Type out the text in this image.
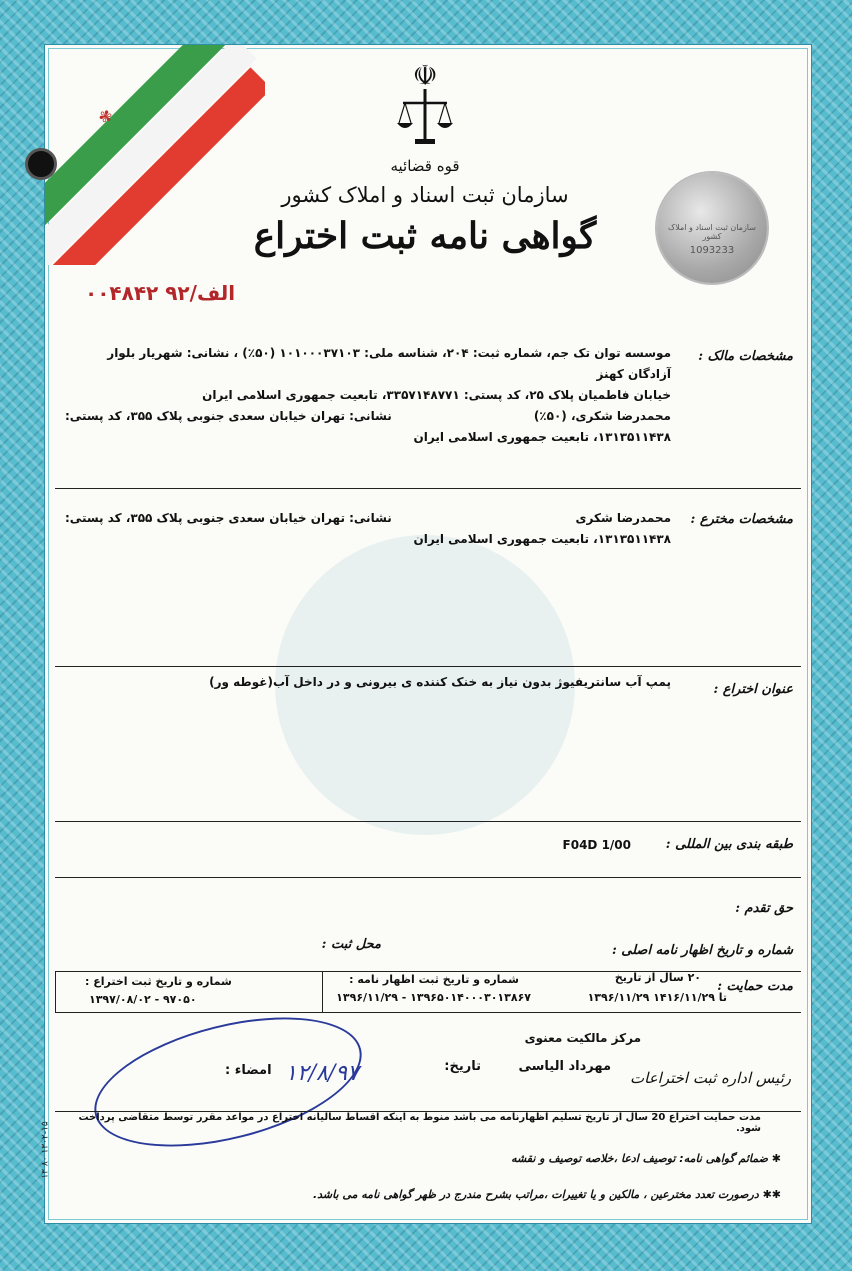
✾
☫
قوه قضائیه
سازمان ثبت اسناد و املاک کشور
گواهی نامه ثبت اختراع
۰۰۴۸۴۲ الف/۹۲
سازمان ثبت اسناد و املاک کشور
1093233
مشخصات مالک :
موسسه توان تک جم، شماره ثبت: ۲۰۴، شناسه ملی: ۱۰۱۰۰۰۳۷۱۰۳ (۵۰٪) ، نشانی: شهریار بلوار آزادگان کهنز
خیابان فاطمیان پلاک ۲۵، کد پستی: ۳۳۵۷۱۴۸۷۷۱، تابعیت جمهوری اسلامی ایران
محمدرضا شکری، (۵۰٪)
نشانی: تهران خیابان سعدی جنوبی پلاک ۳۵۵، کد پستی:
۱۳۱۳۵۱۱۴۳۸، تابعیت جمهوری اسلامی ایران
مشخصات مخترع :
محمدرضا شکری
نشانی: تهران خیابان سعدی جنوبی پلاک ۳۵۵، کد پستی:
۱۳۱۳۵۱۱۴۳۸، تابعیت جمهوری اسلامی ایران
عنوان اختراع :
پمپ آب سانتریفیوژ بدون نیاز به خنک کننده ی بیرونی و در داخل آب(غوطه ور)
طبقه بندی بین المللی :
F04D 1/00
حق تقدم :
شماره و تاریخ اظهار نامه اصلی :
محل ثبت :
مدت حمایت :
۲۰ سال از تاریخ
۱۳۹۶/۱۱/۲۹ تا ۱۴۱۶/۱۱/۲۹
شماره و تاریخ ثبت اظهار نامه :
۱۳۹۶/۱۱/۲۹ - ۱۳۹۶۵۰۱۴۰۰۰۳۰۱۳۸۶۷
شماره و تاریخ ثبت اختراع :
۱۳۹۷/۰۸/۰۲ - ۹۷۰۵۰
مرکز مالکیت معنوی
رئیس اداره ثبت اختراعات
مهرداد الیاسی
تاریخ:
امضاء : ۱۲/۸/۹۷
مدت حمایت اختراع 20 سال از تاریخ تسلیم اظهارنامه می باشد منوط به اینکه اقساط سالیانه اختراع در مواعد مقرر توسط متقاضی پرداخت شود.
✱ ضمائم گواهی نامه: توصیف ادعا ،خلاصه توصیف و نقشه
✱✱ درصورت تعدد مخترعین ، مالکین و یا تغییرات ،مراتب بشرح مندرج در ظهر گواهی نامه می باشد.
۱۳۰۲-۱۵ ۸۰ ۱۳
